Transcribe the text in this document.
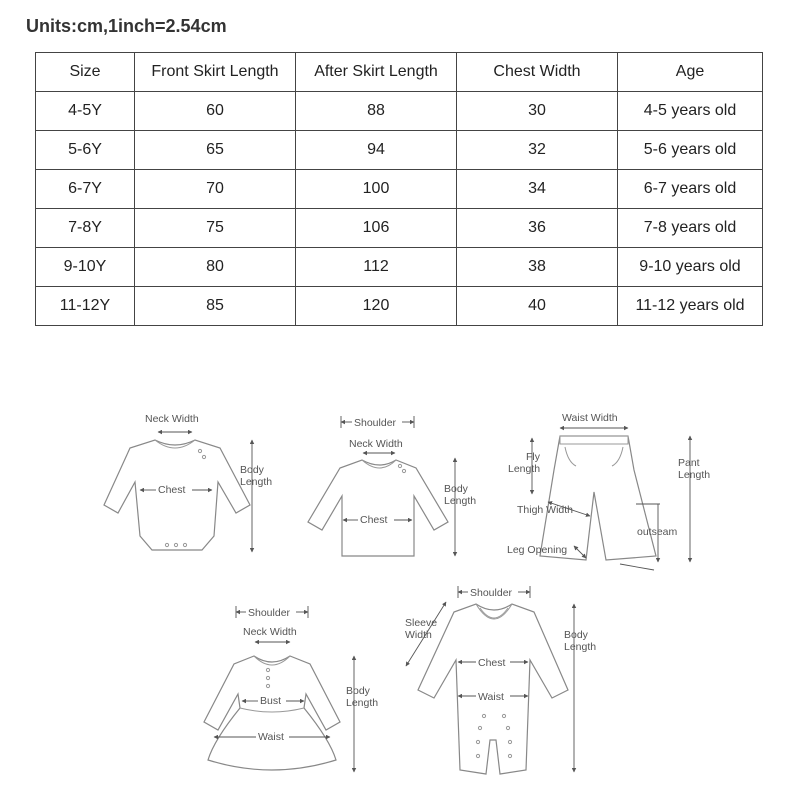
Units:cm,1inch=2.54cm
Size	Front Skirt Length	After Skirt Length	Chest Width	Age
4-5Y	60	88	30	4-5 years old
5-6Y	65	94	32	5-6 years old
6-7Y	70	100	34	6-7 years old
7-8Y	75	106	36	7-8 years old
9-10Y	80	112	38	9-10 years old
11-12Y	85	120	40	11-12 years old
Neck Width
Chest
Body
Length
Shoulder
Neck Width
Chest
Body
Length
Waist Width
Fly
Length	Pant
Length
Thigh Width
outseam
Leg Opening
Shoulder
Neck Width
Bust
Waist
Body
Length
Shoulder
Sleeve
Width
Chest
Waist
Body
Length
